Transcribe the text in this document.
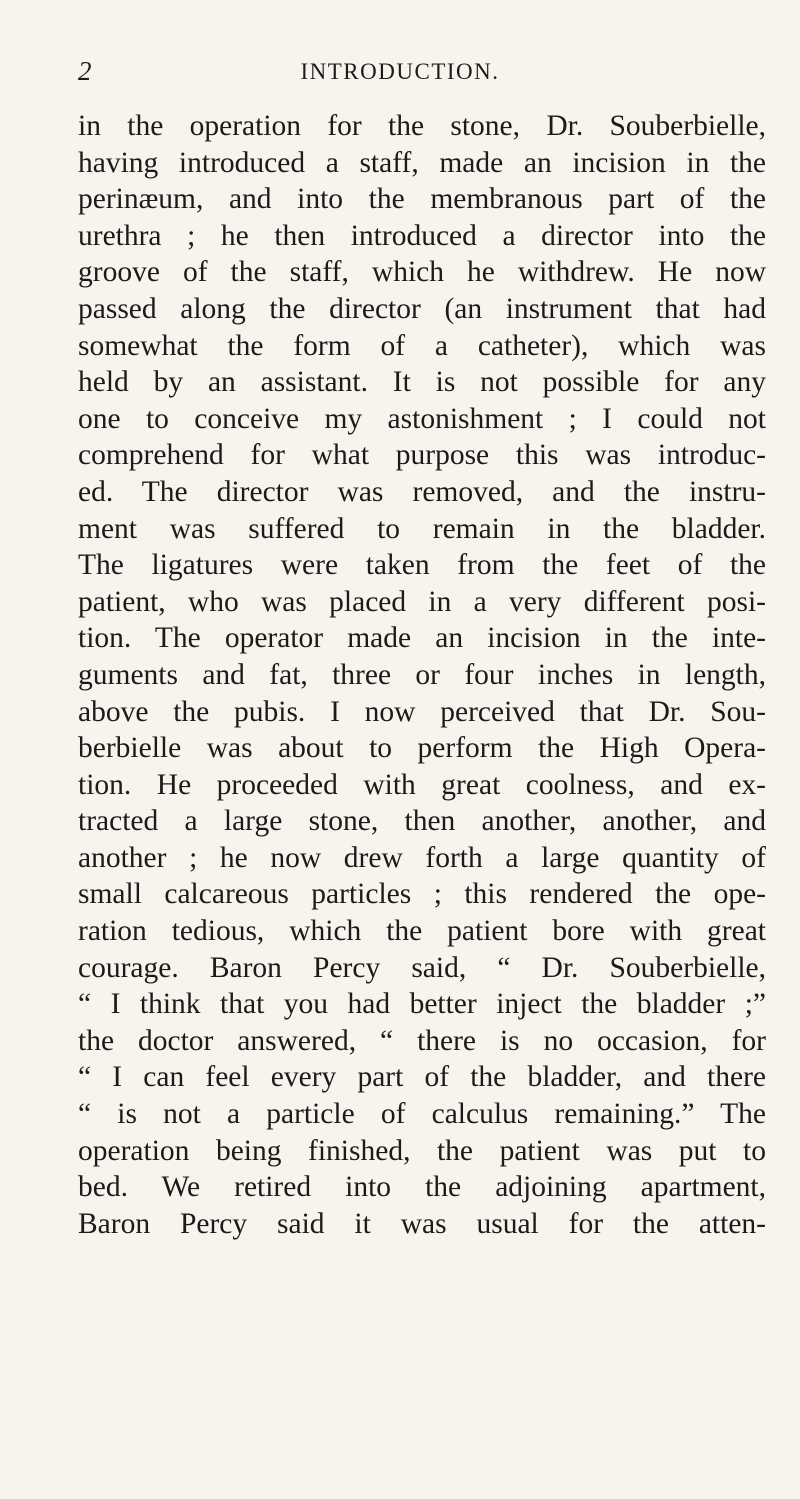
2	INTRODUCTION.
in the operation for the stone, Dr. Souberbielle,
having introduced a staff, made an incision in the
perinæum, and into the membranous part of the
urethra ; he then introduced a director into the
groove of the staff, which he withdrew. He now
passed along the director (an instrument that had
somewhat the form of a catheter), which was
held by an assistant. It is not possible for any
one to conceive my astonishment ; I could not
comprehend for what purpose this was introduc-
ed. The director was removed, and the instru-
ment was suffered to remain in the bladder.
The ligatures were taken from the feet of the
patient, who was placed in a very different posi-
tion. The operator made an incision in the inte-
guments and fat, three or four inches in length,
above the pubis. I now perceived that Dr. Sou-
berbielle was about to perform the High Opera-
tion. He proceeded with great coolness, and ex-
tracted a large stone, then another, another, and
another ; he now drew forth a large quantity of
small calcareous particles ; this rendered the ope-
ration tedious, which the patient bore with great
courage. Baron Percy said, “ Dr. Souberbielle,
“ I think that you had better inject the bladder ;”
the doctor answered, “ there is no occasion, for
“ I can feel every part of the bladder, and there
“ is not a particle of calculus remaining.” The
operation being finished, the patient was put to
bed. We retired into the adjoining apartment,
Baron Percy said it was usual for the atten-
